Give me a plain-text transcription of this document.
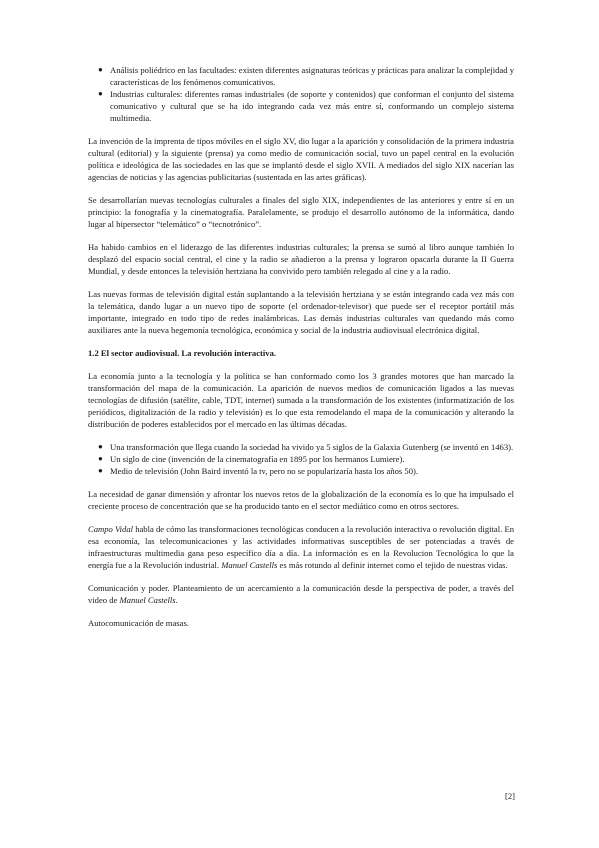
● Análisis poliédrico en las facultades: existen diferentes asignaturas teóricas y prácticas para analizar la complejidad y características de los fenómenos comunicativos.
● Industrias culturales: diferentes ramas industriales (de soporte y contenidos) que conforman el conjunto del sistema comunicativo y cultural que se ha ido integrando cada vez más entre sí, conformando un complejo sistema multimedia.

La invención de la imprenta de tipos móviles en el siglo XV, dio lugar a la aparición y consolidación de la primera industria cultural (editorial) y la siguiente (prensa) ya como medio de comunicación social, tuvo un papel central en la evolución política e ideológica de las sociedades en las que se implantó desde el siglo XVII. A mediados del siglo XIX nacerían las agencias de noticias y las agencias publicitarias (sustentada en las artes gráficas).

Se desarrollarían nuevas tecnologías culturales a finales del siglo XIX, independientes de las anteriores y entre sí en un principio: la fonografía y la cinematografía. Paralelamente, se produjo el desarrollo autónomo de la informática, dando lugar al hipersector “telemático” o “tecnotrónico”.

Ha habido cambios en el liderazgo de las diferentes industrias culturales; la prensa se sumó al libro aunque también lo desplazó del espacio social central, el cine y la radio se añadieron a la prensa y lograron opacarla durante la II Guerra Mundial, y desde entonces la televisión hertziana ha convivido pero también relegado al cine y a la radio.

Las nuevas formas de televisión digital están suplantando a la televisión hertziana y se están integrando cada vez más con la telemática, dando lugar a un nuevo tipo de soporte (el ordenador-televisor) que puede ser el receptor portátil más importante, integrado en todo tipo de redes inalámbricas. Las demás industrias culturales van quedando más como auxiliares ante la nueva hegemonía tecnológica, económica y social de la industria audiovisual electrónica digital.

1.2 El sector audiovisual. La revolución interactiva.

La economía junto a la tecnología y la política se han conformado como los 3 grandes motores que han marcado la transformación del mapa de la comunicación. La aparición de nuevos medios de comunicación ligados a las nuevas tecnologías de difusión (satélite, cable, TDT, internet) sumada a la transformación de los existentes (informatización de los periódicos, digitalización de la radio y televisión) es lo que esta remodelando el mapa de la comunicación y alterando la distribución de poderes establecidos por el mercado en las últimas décadas.

● Una transformación que llega cuando la sociedad ha vivido ya 5 siglos de la Galaxia Gutenberg (se inventó en 1463).
● Un siglo de cine (invención de la cinematografía en 1895 por los hermanos Lumiere).
● Medio de televisión (John Baird inventó la tv, pero no se popularizaría hasta los años 50).

La necesidad de ganar dimensión y afrontar los nuevos retos de la globalización de la economía es lo que ha impulsado el creciente proceso de concentración que se ha producido tanto en el sector mediático como en otros sectores.

Campo Vidal habla de cómo las transformaciones tecnológicas conducen a la revolución interactiva o revolución digital. En esa economía, las telecomunicaciones y las actividades informativas susceptibles de ser potenciadas a través de infraestructuras multimedia gana peso específico día a día. La información es en la Revolucion Tecnológica lo que la energía fue a la Revolución industrial. Manuel Castells es más rotundo al definir internet como el tejido de nuestras vidas.

Comunicación y poder. Planteamiento de un acercamiento a la comunicación desde la perspectiva de poder, a través del video de Manuel Castells.

Autocomunicación de masas.

[2]
